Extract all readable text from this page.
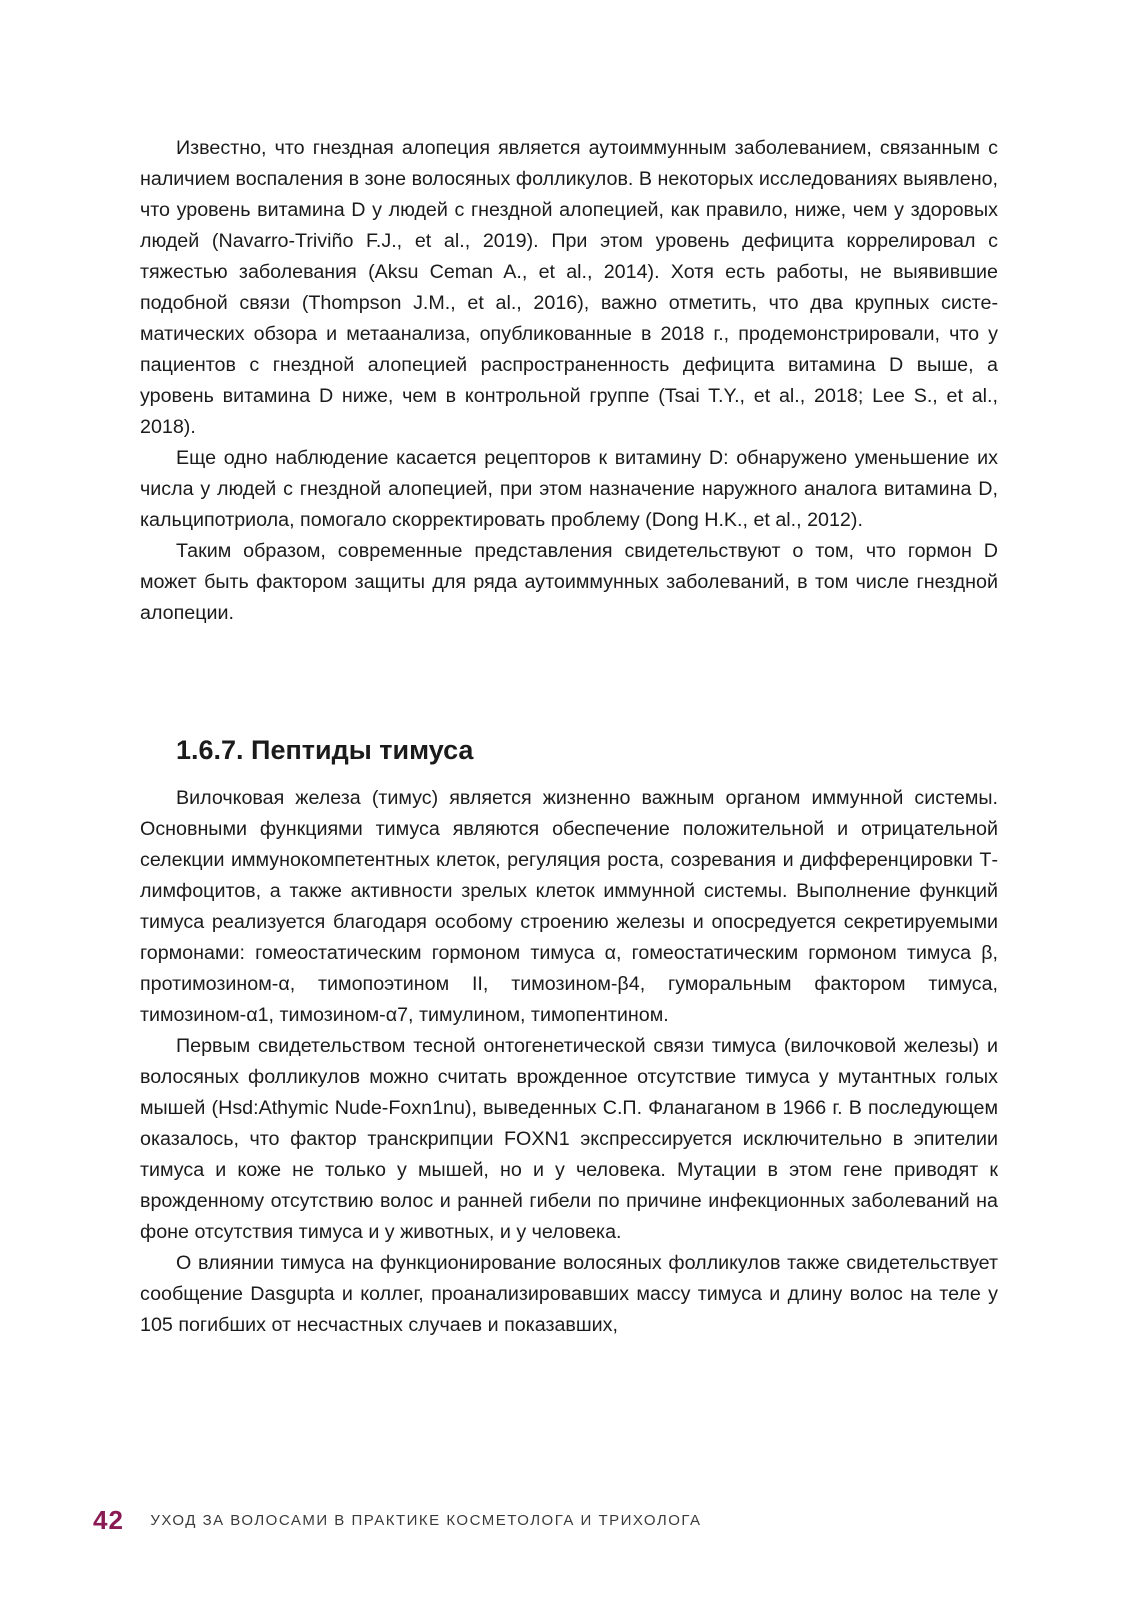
Известно, что гнездная алопеция является аутоиммунным заболеванием, связанным с наличием воспаления в зоне волосяных фолликулов. В некоторых исследованиях выявлено, что уровень витамина D у людей с гнездной алопецией, как правило, ниже, чем у здоровых людей (Navarro-Triviño F.J., et al., 2019). При этом уровень дефицита коррелировал с тяжестью заболевания (Aksu Ceman A., et al., 2014). Хотя есть работы, не выявившие подобной связи (Thompson J.M., et al., 2016), важно отметить, что два крупных систематических обзора и метаанализа, опубликованные в 2018 г., продемонстрировали, что у пациентов с гнездной алопецией распространенность дефицита витамина D выше, а уровень витамина D ниже, чем в контрольной группе (Tsai T.Y., et al., 2018; Lee S., et al., 2018).

Еще одно наблюдение касается рецепторов к витамину D: обнаружено уменьшение их числа у людей с гнездной алопецией, при этом назначение наружного аналога витамина D, кальципотриола, помогало скорректировать проблему (Dong H.K., et al., 2012).

Таким образом, современные представления свидетельствуют о том, что гормон D может быть фактором защиты для ряда аутоиммунных заболеваний, в том числе гнездной алопеции.

1.6.7. Пептиды тимуса

Вилочковая железа (тимус) является жизненно важным органом иммунной системы. Основными функциями тимуса являются обеспечение положительной и отрицательной селекции иммунокомпетентных клеток, регуляция роста, созревания и дифференцировки Т-лимфоцитов, а также активности зрелых клеток иммунной системы. Выполнение функций тимуса реализуется благодаря особому строению железы и опосредуется секретируемыми гормонами: гомеостатическим гормоном тимуса α, гомеостатическим гормоном тимуса β, протимозином-α, тимопоэтином II, тимозином-β4, гуморальным фактором тимуса, тимозином-α1, тимозином-α7, тимулином, тимопентином.

Первым свидетельством тесной онтогенетической связи тимуса (вилочковой железы) и волосяных фолликулов можно считать врожденное отсутствие тимуса у мутантных голых мышей (Hsd:Athymic Nude-Foxn1nu), выведенных С.П. Фланаганом в 1966 г. В последующем оказалось, что фактор транскрипции FOXN1 экспрессируется исключительно в эпителии тимуса и коже не только у мышей, но и у человека. Мутации в этом гене приводят к врожденному отсутствию волос и ранней гибели по причине инфекционных заболеваний на фоне отсутствия тимуса и у животных, и у человека.

О влиянии тимуса на функционирование волосяных фолликулов также свидетельствует сообщение Dasgupta и коллег, проанализировавших массу тимуса и длину волос на теле у 105 погибших от несчастных случаев и показавших,

42 УХОД ЗА ВОЛОСАМИ В ПРАКТИКЕ КОСМЕТОЛОГА И ТРИХОЛОГА
